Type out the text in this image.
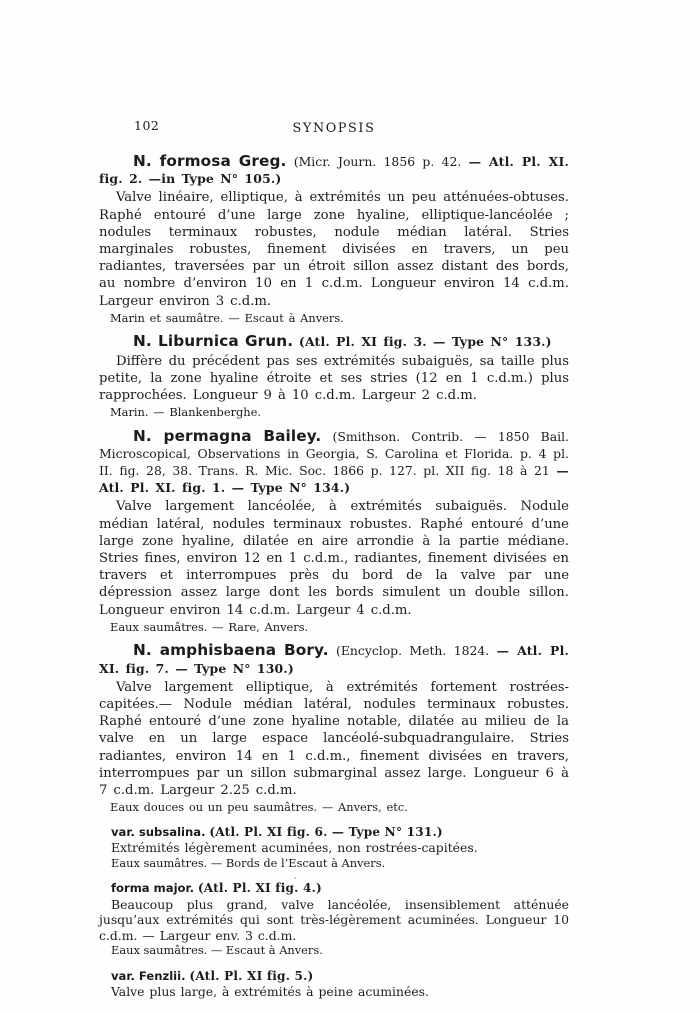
102	SYNOPSIS

N. formosa Greg. (Micr. Journ. 1856 p. 42. — Atl. Pl. XI. fig. 2. —in Type N° 105.)

Valve linéaire, elliptique, à extrémités un peu atténuées-obtuses. Raphé entouré d’une large zone hyaline, elliptique-lancéolée ; nodules terminaux robustes, nodule médian latéral. Stries marginales robustes, finement divisées en travers, un peu radiantes, traversées par un étroit sillon assez distant des bords, au nombre d’environ 10 en 1 c.d.m. Longueur environ 14 c.d.m. Largeur environ 3 c.d.m.

Marin et saumâtre. — Escaut à Anvers.

N. Liburnica Grun. (Atl. Pl. XI fig. 3. — Type N° 133.)

Diffère du précédent pas ses extrémités subaiguës, sa taille plus petite, la zone hyaline étroite et ses stries (12 en 1 c.d.m.) plus rapprochées. Longueur 9 à 10 c.d.m. Largeur 2 c.d.m.

Marin. — Blankenberghe.

N. permagna Bailey. (Smithson. Contrib. — 1850 Bail. Microscopical, Observations in Georgia, S. Carolina et Florida. p. 4 pl. II. fig. 28, 38. Trans. R. Mic. Soc. 1866 p. 127. pl. XII fig. 18 à 21 — Atl. Pl. XI. fig. 1. — Type N° 134.)

Valve largement lancéolée, à extrémités subaiguës. Nodule médian latéral, nodules terminaux robustes. Raphé entouré d’une large zone hyaline, dilatée en aire arrondie à la partie médiane. Stries fines, environ 12 en 1 c.d.m., radiantes, finement divisées en travers et interrompues près du bord de la valve par une dépression assez large dont les bords simulent un double sillon. Longueur environ 14 c.d.m. Largeur 4 c.d.m.

Eaux saumâtres. — Rare, Anvers.

N. amphisbaena Bory. (Encyclop. Meth. 1824. — Atl. Pl. XI. fig. 7. — Type N° 130.)

Valve largement elliptique, à extrémités fortement rostrées-capitées.— Nodule médian latéral, nodules terminaux robustes. Raphé entouré d’une zone hyaline notable, dilatée au milieu de la valve en un large espace lancéolé-subquadrangulaire. Stries radiantes, environ 14 en 1 c.d.m., finement divisées en travers, interrompues par un sillon submarginal assez large. Longueur 6 à 7 c.d.m. Largeur 2.25 c.d.m.

Eaux douces ou un peu saumâtres. — Anvers, etc.

var. subsalina. (Atl. Pl. XI fig. 6. — Type N° 131.)

Extrémités légèrement acuminées, non rostrées-capitées.

Eaux saumâtres. — Bords de l’Escaut à Anvers.

forma major. (Atl. Pl. XI fig. 4.)

Beaucoup plus grand, valve lancéolée, insensiblement atténuée jusqu’aux extrémités qui sont très-légèrement acuminées. Longueur 10 c.d.m. — Largeur env. 3 c.d.m.

Eaux saumâtres. — Escaut à Anvers.

var. Fenzlii. (Atl. Pl. XI fig. 5.)

Valve plus large, à extrémités à peine acuminées.
